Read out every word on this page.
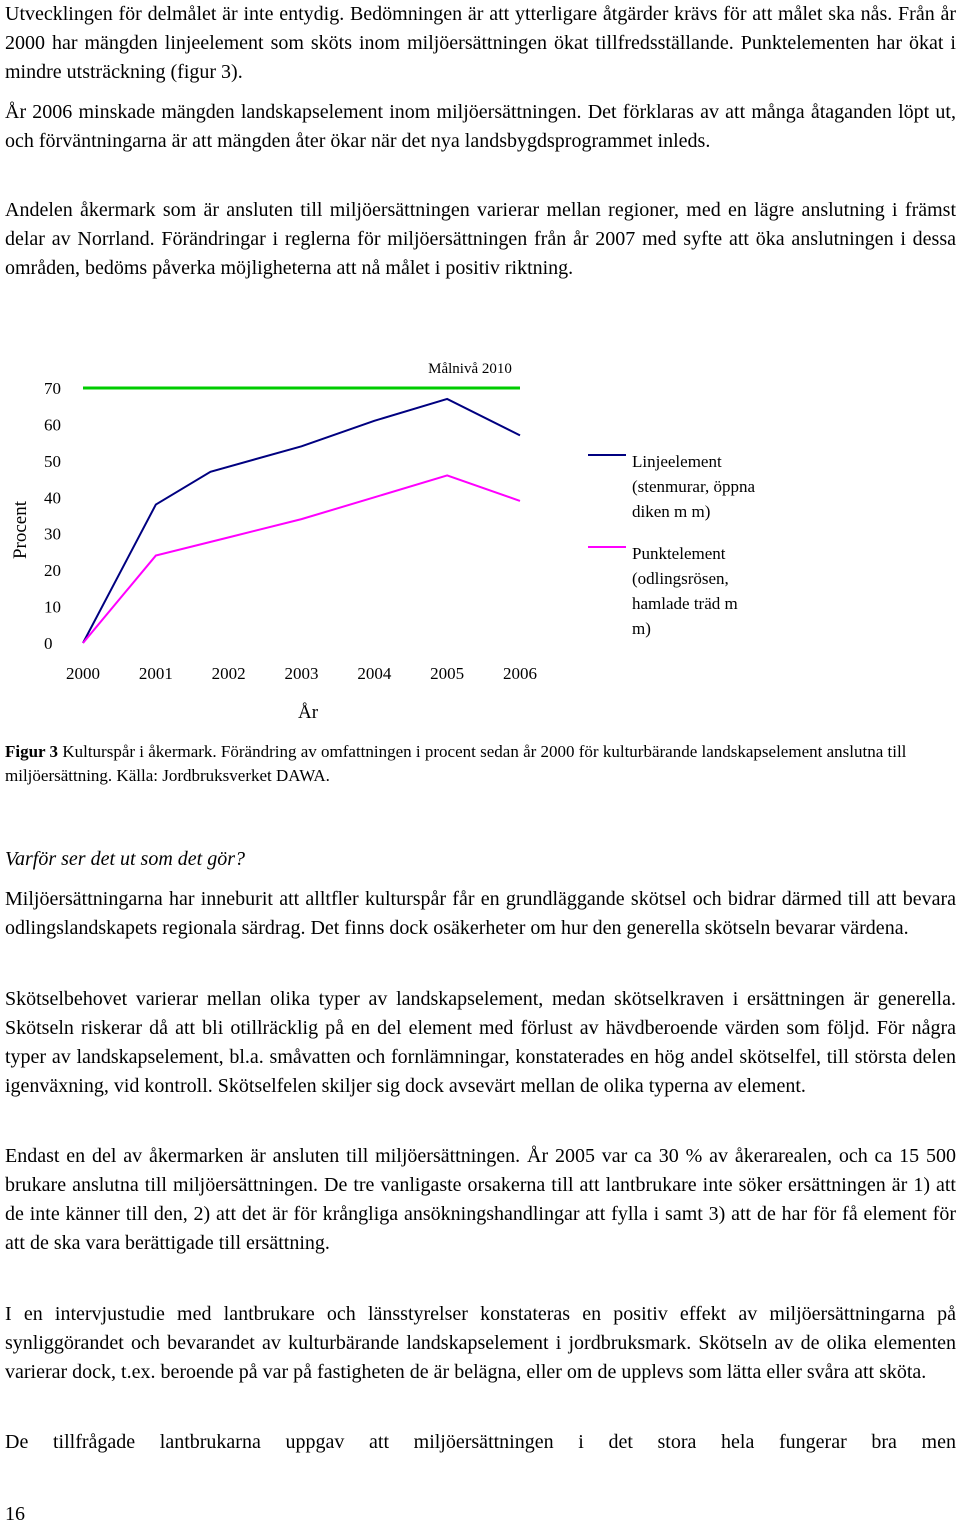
Utvecklingen för delmålet är inte entydig. Bedömningen är att ytterligare åtgärder krävs för att målet ska nås. Från år 2000 har mängden linjeelement som sköts inom miljöersättningen ökat tillfredsställande. Punktelementen har ökat i mindre utsträckning (figur 3).

År 2006 minskade mängden landskapselement inom miljöersättningen. Det förklaras av att många åtaganden löpt ut, och förväntningarna är att mängden åter ökar när det nya landsbygdsprogrammet inleds.

Andelen åkermark som är ansluten till miljöersättningen varierar mellan regioner, med en lägre anslutning i främst delar av Norrland. Förändringar i reglerna för miljöersättningen från år 2007 med syfte att öka anslutningen i dessa områden, bedöms påverka möjligheterna att nå målet i positiv riktning.

0
10
20
30
40
50
60
70
2000 2001 2002 2003 2004 2005 2006
År
Procent
Målnivå 2010
Linjeelement
(stenmurar, öppna
diken m m)
Punktelement
(odlingsrösen,
hamlade träd m
m)

Figur 3 Kulturspår i åkermark. Förändring av omfattningen i procent sedan år 2000 för kulturbärande landskapselement anslutna till miljöersättning. Källa: Jordbruksverket DAWA.

Varför ser det ut som det gör?

Miljöersättningarna har inneburit att alltfler kulturspår får en grundläggande skötsel och bidrar därmed till att bevara odlingslandskapets regionala särdrag. Det finns dock osäkerheter om hur den generella skötseln bevarar värdena.

Skötselbehovet varierar mellan olika typer av landskapselement, medan skötselkraven i ersättningen är generella. Skötseln riskerar då att bli otillräcklig på en del element med förlust av hävdberoende värden som följd. För några typer av landskapselement, bl.a. småvatten och fornlämningar, konstaterades en hög andel skötselfel, till största delen igenväxning, vid kontroll. Skötselfelen skiljer sig dock avsevärt mellan de olika typerna av element.

Endast en del av åkermarken är ansluten till miljöersättningen. År 2005 var ca 30 % av åkerarealen, och ca 15 500 brukare anslutna till miljöersättningen. De tre vanligaste orsakerna till att lantbrukare inte söker ersättningen är 1) att de inte känner till den, 2) att det är för krångliga ansökningshandlingar att fylla i samt 3) att de har för få element för att de ska vara berättigade till ersättning.

I en intervjustudie med lantbrukare och länsstyrelser konstateras en positiv effekt av miljöersättningarna på synliggörandet och bevarandet av kulturbärande landskapselement i jordbruksmark. Skötseln av de olika elementen varierar dock, t.ex. beroende på var på fastigheten de är belägna, eller om de upplevs som lätta eller svåra att sköta.

De tillfrågade lantbrukarna uppgav att miljöersättningen i det stora hela fungerar bra men

16
